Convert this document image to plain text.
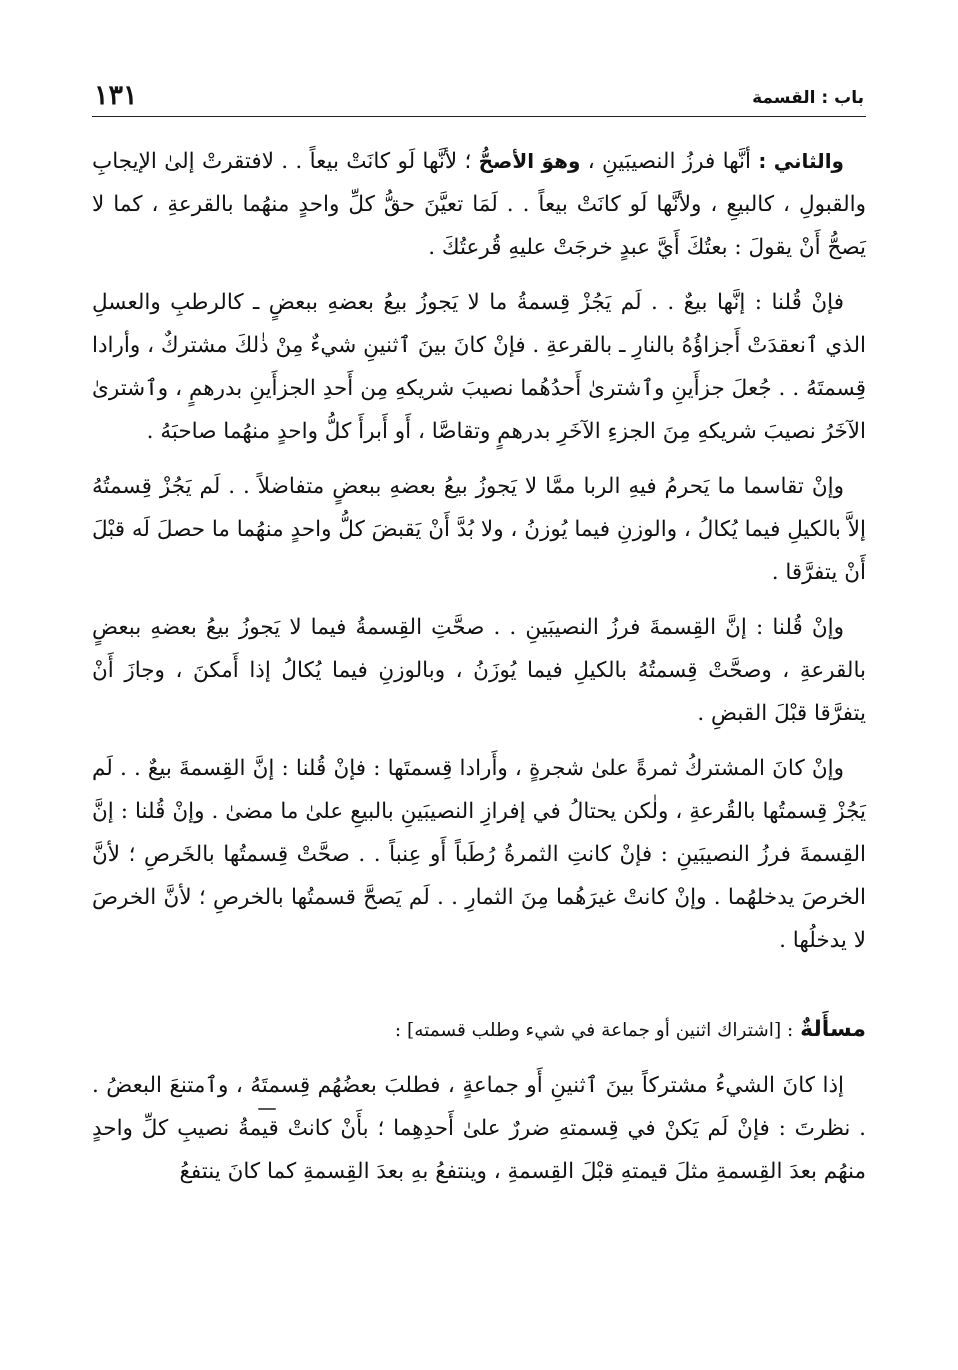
باب : القسمة
١٣١

والثاني : أنَّها فرزُ النصيبَينِ ، وهوَ الأصحُّ ؛ لأنَّها لَو كانَتْ بيعاً . . لافتقرتْ إلىٰ الإيجابِ والقبولِ ، كالبيعِ ، ولأنَّها لَو كانَتْ بيعاً . . لَمَا تعيَّنَ حقُّ كلِّ واحدٍ منهُما بالقرعةِ ، كما لا يَصحُّ أَنْ يقولَ : بعتُكَ أَيَّ عبدٍ خرجَتْ عليهِ قُرعتُكَ .

فإنْ قُلنا : إنَّها بيعٌ . . لَم يَجُزْ قِسمةُ ما لا يَجوزُ بيعُ بعضهِ ببعضٍ ـ كالرطبِ والعسلِ الذي ٱنعقدَتْ أَجزاؤُهُ بالنارِ ـ بالقرعةِ . فإنْ كانَ بينَ ٱثنينِ شيءٌ مِنْ ذٰلكَ مشتركٌ ، وأرادا قِسمتَهُ . . جُعلَ جزأَينِ وٱشترىٰ أَحدُهُما نصيبَ شريكهِ مِن أَحدِ الجزأَينِ بدرهمٍ ، وٱشترىٰ الآخَرُ نصيبَ شريكهِ مِنَ الجزءِ الآخَرِ بدرهمٍ وتقاصَّا ، أَو أَبرأَ كلُّ واحدٍ منهُما صاحبَهُ .

وإنْ تقاسما ما يَحرمُ فيهِ الربا ممَّا لا يَجوزُ بيعُ بعضهِ ببعضٍ متفاضلاً . . لَم يَجُزْ قِسمتُهُ إلاَّ بالكيلِ فيما يُكالُ ، والوزنِ فيما يُوزنُ ، ولا بُدَّ أَنْ يَقبضَ كلُّ واحدٍ منهُما ما حصلَ لَه قبْلَ أَنْ يتفرَّقا .

وإنْ قُلنا : إنَّ القِسمةَ فرزُ النصيبَينِ . . صحَّتِ القِسمةُ فيما لا يَجوزُ بيعُ بعضهِ ببعضٍ بالقرعةِ ، وصحَّتْ قِسمتُهُ بالكيلِ فيما يُوزَنُ ، وبالوزنِ فيما يُكالُ إذا أَمكنَ ، وجازَ أَنْ يتفرَّقا قبْلَ القبضِ .

وإنْ كانَ المشتركُ ثمرةً علىٰ شجرةٍ ، وأَرادا قِسمتَها : فإنْ قُلنا : إنَّ القِسمةَ بيعٌ . . لَم يَجُزْ قِسمتُها بالقُرعةِ ، ولٰكن يحتالُ في إفرازِ النصيبَينِ بالبيعِ علىٰ ما مضىٰ . وإنْ قُلنا : إنَّ القِسمةَ فرزُ النصيبَينِ : فإنْ كانتِ الثمرةُ رُطَباً أَو عِنباً . . صحَّتْ قِسمتُها بالخَرصِ ؛ لأنَّ الخرصَ يدخلهُما . وإنْ كانتْ غيرَهُما مِنَ الثمارِ . . لَم يَصحَّ قسمتُها بالخرصِ ؛ لأنَّ الخرصَ لا يدخلُها .

مسأَلةٌ : [اشتراك اثنين أو جماعة في شيء وطلب قسمته] :

إذا كانَ الشيءُ مشتركاً بينَ ٱثنينِ أَو جماعةٍ ، فطلبَ بعضُهُم قِسمتَهُ ، وٱمتنعَ البعضُ . . نظرتَ : فإنْ لَم يَكنْ في قِسمتهِ ضررٌ علىٰ أَحدِهِما ؛ بأَنْ كانتْ قيمةُ نصيبِ كلِّ واحدٍ منهُم بعدَ القِسمةِ مثلَ قيمتهِ قبْلَ القِسمةِ ، وينتفعُ بهِ بعدَ القِسمةِ كما كانَ ينتفعُ
